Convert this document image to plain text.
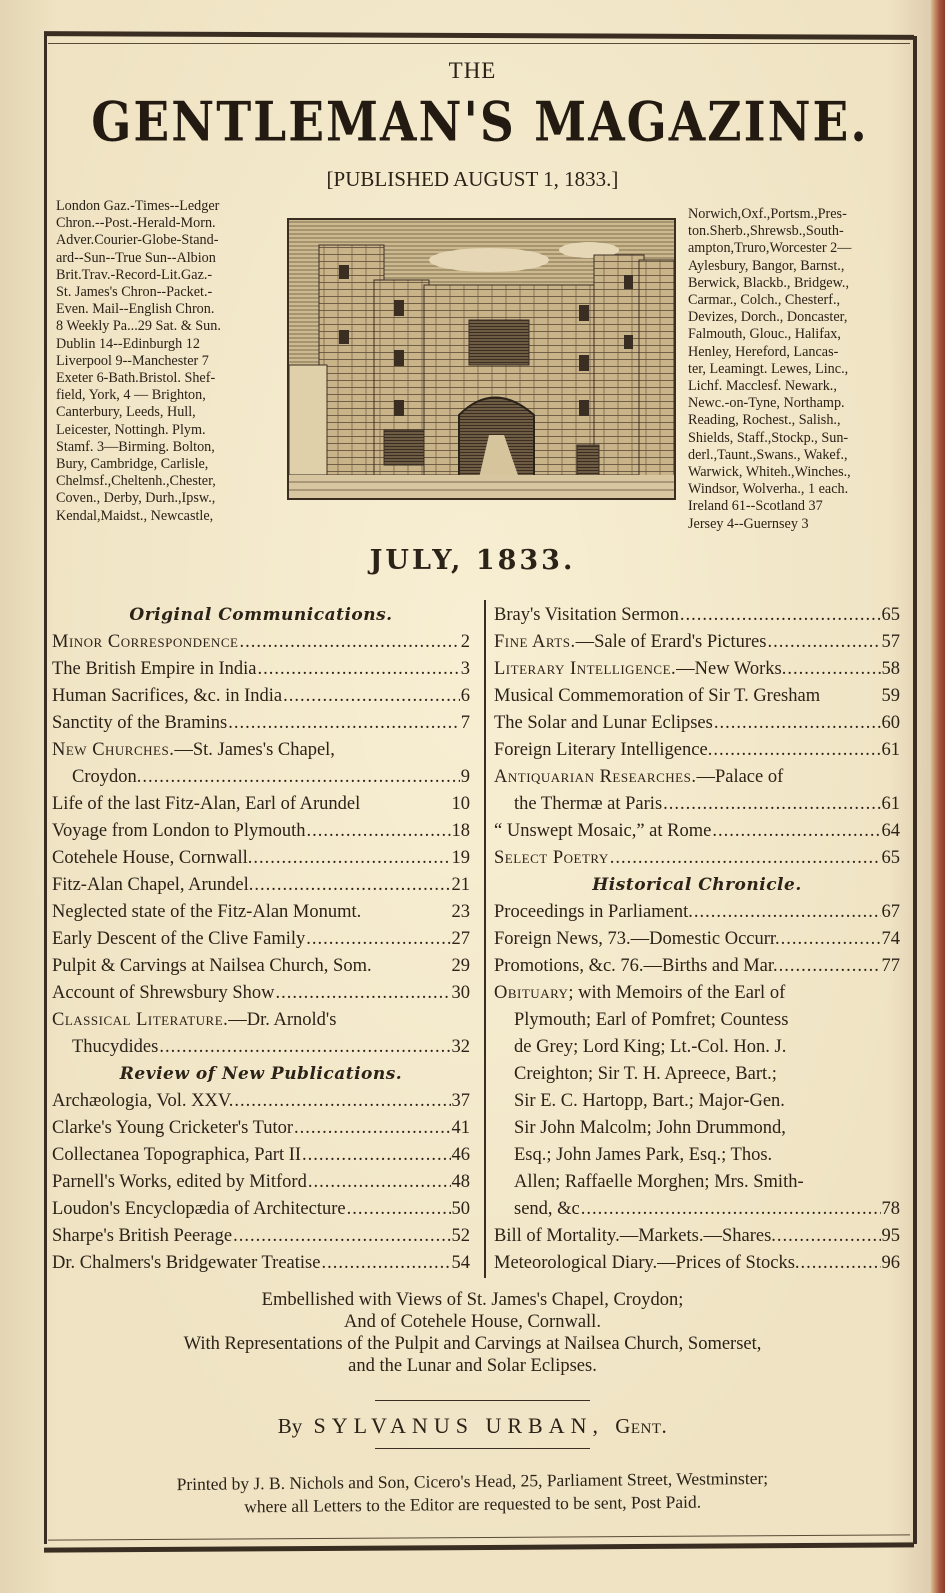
THE
GENTLEMAN'S MAGAZINE.
[PUBLISHED AUGUST 1, 1833.]
London Gaz.-Times--Ledger
Chron.--Post.-Herald-Morn.
Adver.Courier-Globe-Stand-
ard--Sun--True Sun--Albion
Brit.Trav.-Record-Lit.Gaz.-
St. James's Chron--Packet.-
Even. Mail--English Chron.
8 Weekly Pa...29 Sat. & Sun.
Dublin 14--Edinburgh 12
Liverpool 9--Manchester 7
Exeter 6-Bath.Bristol. Shef-
field, York, 4 — Brighton,
Canterbury, Leeds, Hull,
Leicester, Nottingh. Plym.
Stamf. 3—Birming. Bolton,
Bury, Cambridge, Carlisle,
Chelmsf.,Cheltenh.,Chester,
Coven., Derby, Durh.,Ipsw.,
Kendal,Maidst., Newcastle,
Norwich,Oxf.,Portsm.,Pres-
ton.Sherb.,Shrewsb.,South-
ampton,Truro,Worcester 2—
Aylesbury, Bangor, Barnst.,
Berwick, Blackb., Bridgew.,
Carmar., Colch., Chesterf.,
Devizes, Dorch., Doncaster,
Falmouth, Glouc., Halifax,
Henley, Hereford, Lancas-
ter, Leamingt. Lewes, Linc.,
Lichf. Macclesf. Newark.,
Newc.-on-Tyne, Northamp.
Reading, Rochest., Salish.,
Shields, Staff.,Stockp., Sun-
derl.,Taunt.,Swans., Wakef.,
Warwick, Whiteh.,Winches.,
Windsor, Wolverha., 1 each.
Ireland 61--Scotland 37
Jersey 4--Guernsey 3
JULY, 1833.
Original Communications.
Minor Correspondence .....	2
The British Empire in India .....	3
Human Sacrifices, &c. in India .....	6
Sanctity of the Bramins .....	7
New Churches.—St. James's Chapel,
Croydon. .....	9
Life of the last Fitz-Alan, Earl of Arundel	10
Voyage from London to Plymouth .....	18
Cotehele House, Cornwall. .....	19
Fitz-Alan Chapel, Arundel. .....	21
Neglected state of the Fitz-Alan Monumt.	23
Early Descent of the Clive Family .....	27
Pulpit & Carvings at Nailsea Church, Som.	29
Account of Shrewsbury Show .....	30
Classical Literature.—Dr. Arnold's
Thucydides .....	32
Review of New Publications.
Archæologia, Vol. XXV. .....	37
Clarke's Young Cricketer's Tutor .....	41
Collectanea Topographica, Part II .....	46
Parnell's Works, edited by Mitford .....	48
Loudon's Encyclopædia of Architecture .....	50
Sharpe's British Peerage .....	52
Dr. Chalmers's Bridgewater Treatise .....	54
Bray's Visitation Sermon .....	65
Fine Arts.—Sale of Erard's Pictures .....	57
Literary Intelligence.—New Works. .....	58
Musical Commemoration of Sir T. Gresham	59
The Solar and Lunar Eclipses .....	60
Foreign Literary Intelligence. .....	61
Antiquarian Researches.—Palace of
the Thermæ at Paris .....	61
“ Unswept Mosaic,” at Rome .....	64
Select Poetry .....	65
Historical Chronicle.
Proceedings in Parliament. .....	67
Foreign News, 73.—Domestic Occurr. .....	74
Promotions, &c. 76.—Births and Mar. .....	77
Obituary; with Memoirs of the Earl of
Plymouth; Earl of Pomfret; Countess
de Grey; Lord King; Lt.-Col. Hon. J.
Creighton; Sir T. H. Apreece, Bart.;
Sir E. C. Hartopp, Bart.; Major-Gen.
Sir John Malcolm; John Drummond,
Esq.; John James Park, Esq.; Thos.
Allen; Raffaelle Morghen; Mrs. Smith-
send, &c .....	78
Bill of Mortality.—Markets.—Shares. .....	95
Meteorological Diary.—Prices of Stocks. .....	96
Embellished with Views of St. James's Chapel, Croydon;
And of Cotehele House, Cornwall.
With Representations of the Pulpit and Carvings at Nailsea Church, Somerset,
and the Lunar and Solar Eclipses.
By SYLVANUS URBAN, Gent.
Printed by J. B. Nichols and Son, Cicero's Head, 25, Parliament Street, Westminster;
where all Letters to the Editor are requested to be sent, Post Paid.
